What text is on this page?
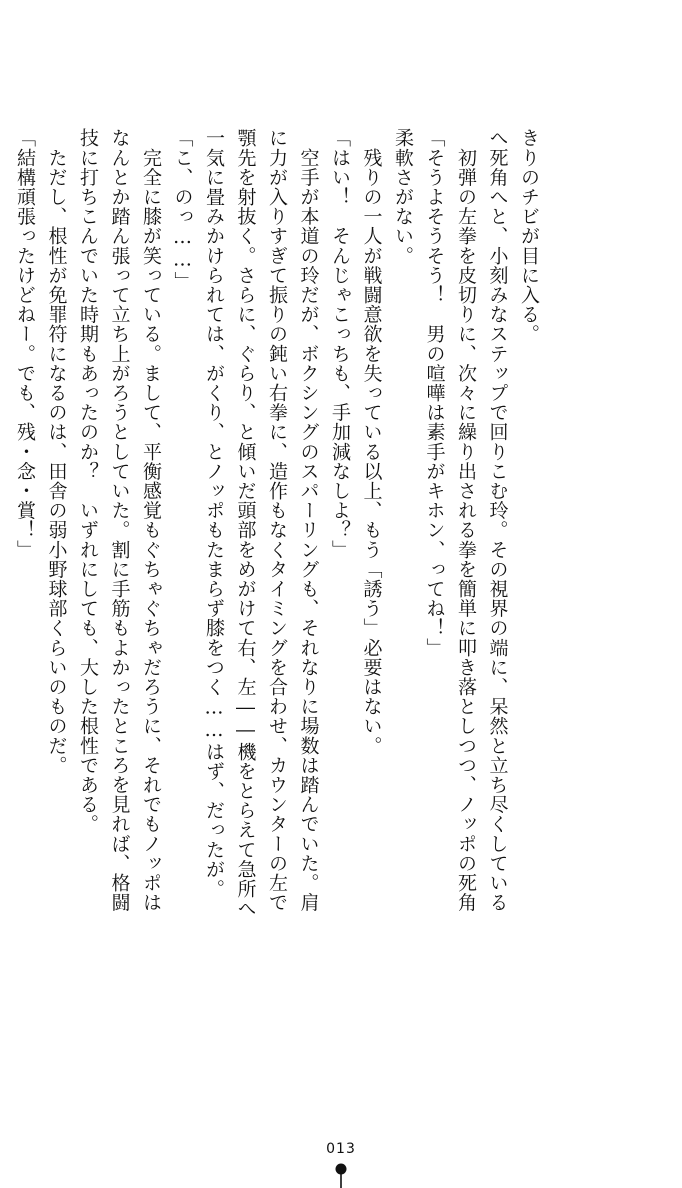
きりのチビが目に入る。
へ死角へと、小刻みなステップで回りこむ玲。その視界の端に、呆然と立ち尽くしている
　初弾の左拳を皮切りに、次々に繰り出される拳を簡単に叩き落としつつ、ノッポの死角
「そうよそうそう！　男の喧嘩は素手がキホン、ってね！」
柔軟さがない。
　残りの一人が戦闘意欲を失っている以上、もう「誘う」必要はない。
「はい！　そんじゃこっちも、手加減なしよ？」
　空手が本道の玲だが、ボクシングのスパーリングも、それなりに場数は踏んでいた。肩
に力が入りすぎて振りの鈍い右拳に、造作もなくタイミングを合わせ、カウンターの左で
顎先を射抜く。さらに、ぐらり、と傾いだ頭部をめがけて右、左――機をとらえて急所へ
一気に畳みかけられては、がくり、とノッポもたまらず膝をつく……はず、だったが。
「こ、のっ……」
　完全に膝が笑っている。まして、平衡感覚もぐちゃぐちゃだろうに、それでもノッポは
なんとか踏ん張って立ち上がろうとしていた。割に手筋もよかったところを見れば、格闘
技に打ちこんでいた時期もあったのか？　いずれにしても、大した根性である。
　ただし、根性が免罪符になるのは、田舎の弱小野球部くらいのものだ。
「結構頑張ったけどねー。でも、残・念・賞！」
013
